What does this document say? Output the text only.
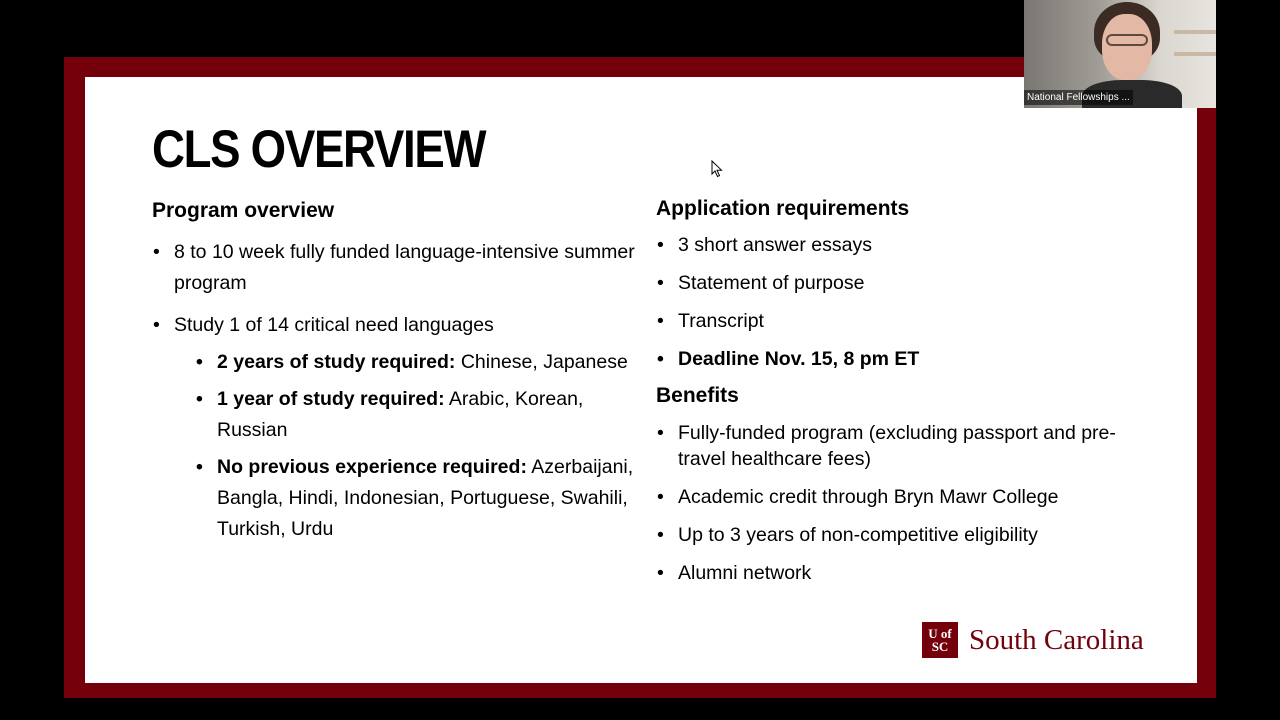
CLS OVERVIEW
Program overview
• 8 to 10 week fully funded language-intensive summer program
• Study 1 of 14 critical need languages
• 2 years of study required: Chinese, Japanese
• 1 year of study required: Arabic, Korean, Russian
• No previous experience required: Azerbaijani, Bangla, Hindi, Indonesian, Portuguese, Swahili, Turkish, Urdu
Application requirements
• 3 short answer essays
• Statement of purpose
• Transcript
• Deadline Nov. 15, 8 pm ET
Benefits
• Fully-funded program (excluding passport and pre-travel healthcare fees)
• Academic credit through Bryn Mawr College
• Up to 3 years of non-competitive eligibility
• Alumni network
U of
SC South Carolina
National Fellowships ...
